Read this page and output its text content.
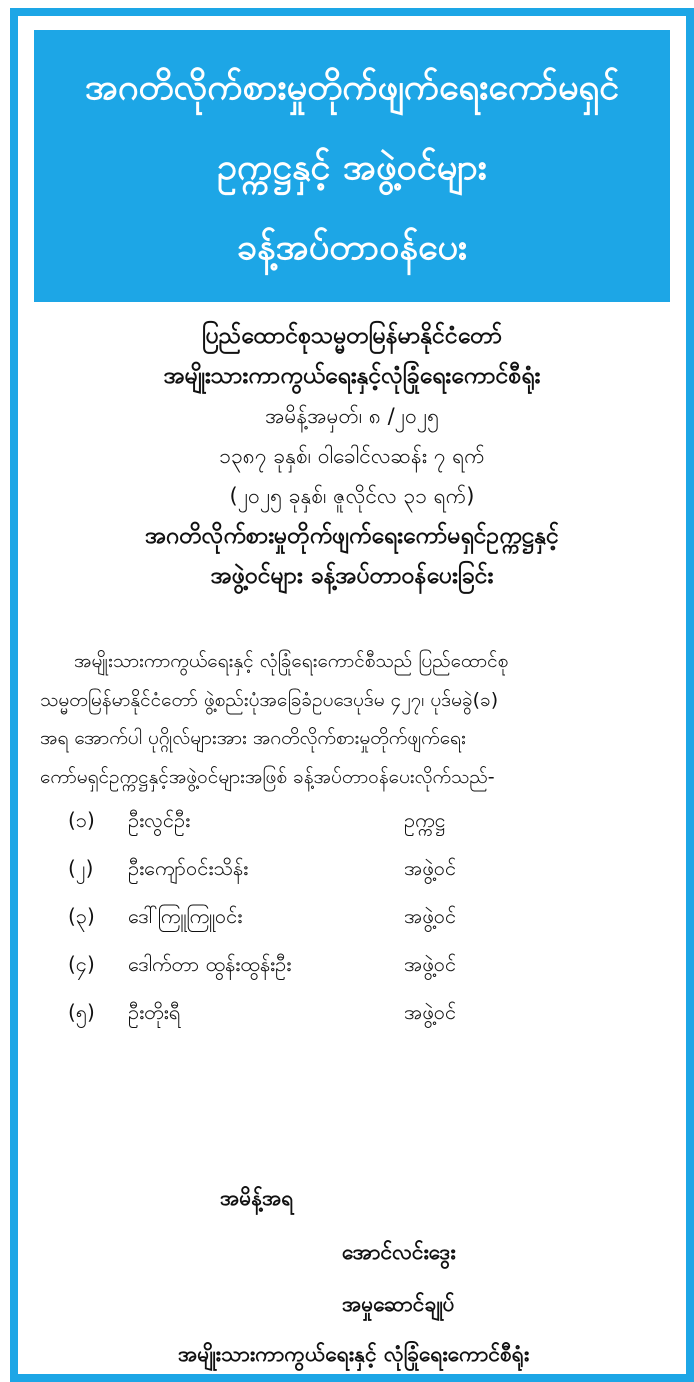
အဂတိလိုက်စားမှုတိုက်ဖျက်ရေးကော်မရှင်
ဥက္ကဋ္ဌနှင့် အဖွဲ့ဝင်များ
ခန့်အပ်တာဝန်ပေး
ပြည်ထောင်စုသမ္မတမြန်မာနိုင်ငံတော်
အမျိုးသားကာကွယ်ရေးနှင့်လုံခြုံရေးကောင်စီရုံး
အမိန့်အမှတ်၊ ၈ /၂၀၂၅
၁၃၈၇ ခုနှစ်၊ ဝါခေါင်လဆန်း ၇ ရက်
(၂၀၂၅ ခုနှစ်၊ ဇူလိုင်လ ၃၁ ရက်)
အဂတိလိုက်စားမှုတိုက်ဖျက်ရေးကော်မရှင်ဥက္ကဋ္ဌနှင့်
အဖွဲ့ဝင်များ ခန့်အပ်တာဝန်ပေးခြင်း
အမျိုးသားကာကွယ်ရေးနှင့် လုံခြုံရေးကောင်စီသည် ပြည်ထောင်စု
သမ္မတမြန်မာနိုင်ငံတော် ဖွဲ့စည်းပုံအခြေခံဥပဒေပုဒ်မ ၄၂၇၊ ပုဒ်မခွဲ(ခ)
အရ အောက်ပါ ပုဂ္ဂိုလ်များအား အဂတိလိုက်စားမှုတိုက်ဖျက်ရေး
ကော်မရှင်ဥက္ကဋ္ဌနှင့်အဖွဲ့ဝင်များအဖြစ် ခန့်အပ်တာဝန်ပေးလိုက်သည်-
(၁) ဦးလွင်ဦး	ဥက္ကဋ္ဌ
(၂) ဦးကျော်ဝင်းသိန်း	အဖွဲ့ဝင်
(၃) ဒေါ်ကြူကြူဝင်း	အဖွဲ့ဝင်
(၄) ဒေါက်တာ ထွန်းထွန်းဦး	အဖွဲ့ဝင်
(၅) ဦးတိုးရီ	အဖွဲ့ဝင်
အမိန့်အရ
အောင်လင်းဒွေး
အမှုဆောင်ချုပ်
အမျိုးသားကာကွယ်ရေးနှင့် လုံခြုံရေးကောင်စီရုံး
